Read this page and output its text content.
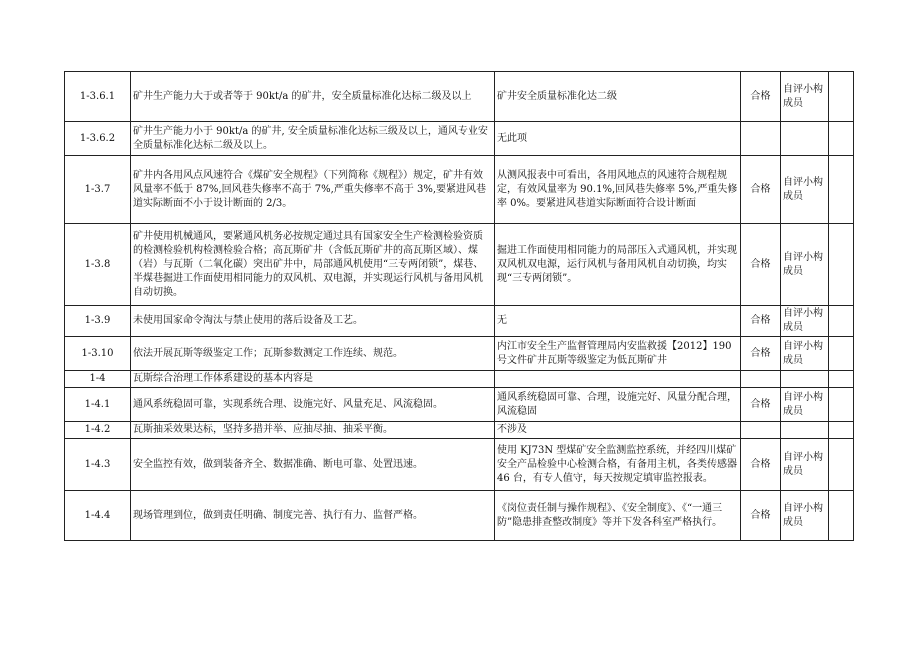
1-3.6.1	矿井生产能力大于或者等于 90kt/a 的矿井，安全质量标准化达标二级及以上	矿井安全质量标准化达二级	合格	自评小构成员	

1-3.6.2	矿井生产能力小于 90kt/a 的矿井, 安全质量标准化达标三级及以上，通风专业安全质量标准化达标二级及以上。	无此项			

1-3.7	矿井内各用风点风速符合《煤矿安全规程》（下列简称《规程》）规定，矿井有效风量率不低于 87%,回风巷失修率不高于 7%,严重失修率不高于 3%,要紧进风巷道实际断面不小于设计断面的 2/3。	从测风报表中可看出，各用风地点的风速符合规程规定，有效风量率为 90.1%,回风巷失修率 5%,严重失修率 0%。要紧进风巷道实际断面符合设计断面	合格	自评小构成员	

1-3.8	矿井使用机械通风，要紧通风机务必按规定通过具有国家安全生产检测检验资质的检测检验机构检测检验合格；高瓦斯矿井（含低瓦斯矿井的高瓦斯区域）、煤（岩）与瓦斯（二氧化碳）突出矿井中，局部通风机使用“三专两闭锁”，煤巷、半煤巷掘进工作面使用相同能力的双风机、双电源，并实现运行风机与备用风机自动切换。	掘进工作面使用相同能力的局部压入式通风机，并实现双风机双电源，运行风机与备用风机自动切换，均实现“三专两闭锁”。	合格	自评小构成员	

1-3.9	未使用国家命令淘汰与禁止使用的落后设备及工艺。	无	合格	自评小构成员	

1-3.10	依法开展瓦斯等级鉴定工作；瓦斯参数测定工作连续、规范。	内江市安全生产监督管理局内安监救援【2012】190 号文件矿井瓦斯等级鉴定为低瓦斯矿井	合格	自评小构成员	

1-4	瓦斯综合治理工作体系建设的基本内容是				

1-4.1	通风系统稳固可靠，实现系统合理、设施完好、风量充足、风流稳固。	通风系统稳固可靠、合理，设施完好、风量分配合理，风流稳固	合格	自评小构成员	

1-4.2	瓦斯抽采效果达标，坚持多措并举、应抽尽抽、抽采平衡。	不涉及			

1-4.3	安全监控有效，做到装备齐全、数据准确、断电可靠、处置迅速。	使用 KJ73N 型煤矿安全监测监控系统，并经四川煤矿安全产品检验中心检测合格，有备用主机，各类传感器 46 台，有专人值守，每天按规定填审监控报表。	合格	自评小构成员	

1-4.4	现场管理到位，做到责任明确、制度完善、执行有力、监督严格。	《岗位责任制与操作规程》、《安全制度》、《“一通三防”隐患排查整改制度》等并下发各科室严格执行。	合格	自评小构成员	
